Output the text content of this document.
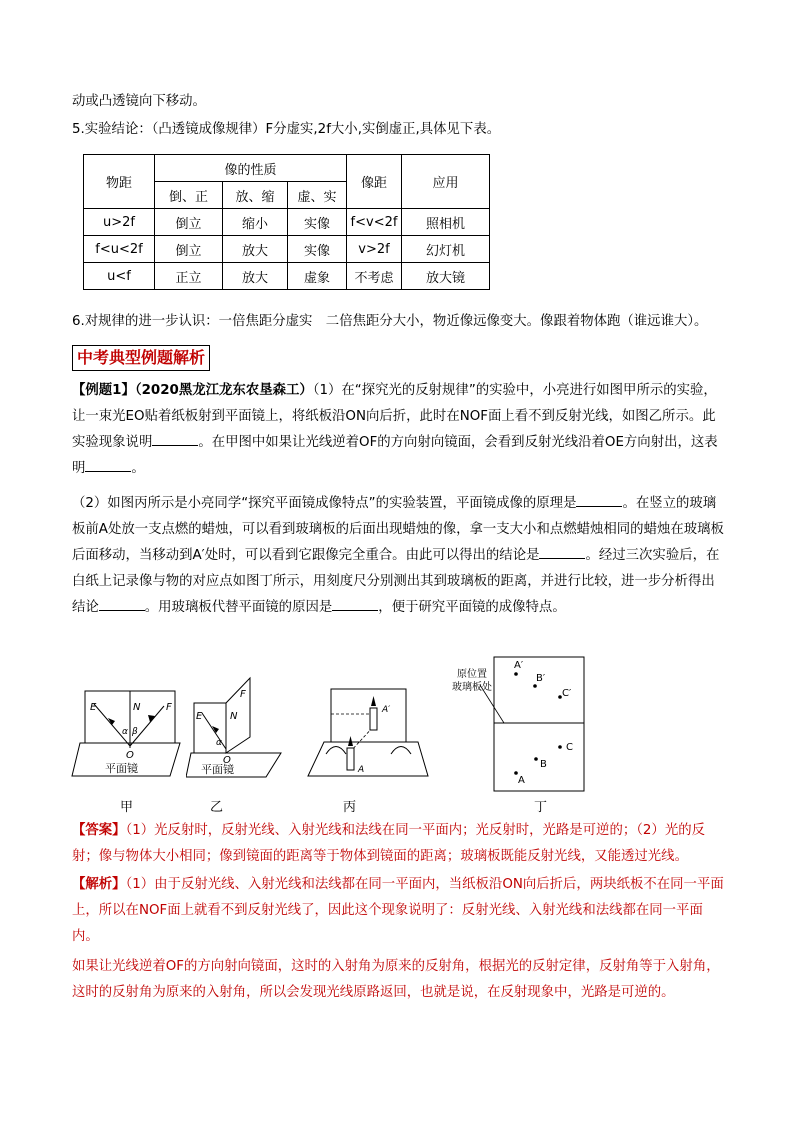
动或凸透镜向下移动。

5.实验结论：（凸透镜成像规律）F分虚实,2f大小,实倒虚正,具体见下表。

物距	像的性质			像距	应用
	倒、正	放、缩	虚、实		
u>2f	倒立	缩小	实像	f<v<2f	照相机
f<u<2f	倒立	放大	实像	v>2f	幻灯机
u<f	正立	放大	虚象	不考虑	放大镜

6.对规律的进一步认识：一倍焦距分虚实　二倍焦距分大小，物近像远像变大。像跟着物体跑（谁远谁大）。

中考典型例题解析

【例题1】（2020黑龙江龙东农垦森工）（1）在“探究光的反射规律”的实验中，小亮进行如图甲所示的实验，让一束光EO贴着纸板射到平面镜上，将纸板沿ON向后折，此时在NOF面上看不到反射光线，如图乙所示。此实验现象说明	。在甲图中如果让光线逆着OF的方向射向镜面，会看到反射光线沿着OE方向射出，这表明	。

（2）如图丙所示是小亮同学“探究平面镜成像特点”的实验装置，平面镜成像的原理是	。在竖立的玻璃板前A处放一支点燃的蜡烛，可以看到玻璃板的后面出现蜡烛的像，拿一支大小和点燃蜡烛相同的蜡烛在玻璃板后面移动，当移动到A′处时，可以看到它跟像完全重合。由此可以得出的结论是	。经过三次实验后，在白纸上记录像与物的对应点如图丁所示，用刻度尺分别测出其到玻璃板的距离，并进行比较，进一步分析得出结论	。用玻璃板代替平面镜的原因是	，便于研究平面镜的成像特点。

E	N	F
α β
O
平面镜
甲
E	N
F
α
O
平面镜
乙
A′
A
丙
原位置
玻璃板处
A′
B′
C′
C
B
A
丁

【答案】（1）光反射时，反射光线、入射光线和法线在同一平面内；光反射时，光路是可逆的；（2）光的反射；像与物体大小相同；像到镜面的距离等于物体到镜面的距离；玻璃板既能反射光线，又能透过光线。

【解析】（1）由于反射光线、入射光线和法线都在同一平面内，当纸板沿ON向后折后，两块纸板不在同一平面上，所以在NOF面上就看不到反射光线了，因此这个现象说明了：反射光线、入射光线和法线都在同一平面内。

如果让光线逆着OF的方向射向镜面，这时的入射角为原来的反射角，根据光的反射定律，反射角等于入射角，这时的反射角为原来的入射角，所以会发现光线原路返回，也就是说，在反射现象中，光路是可逆的。
